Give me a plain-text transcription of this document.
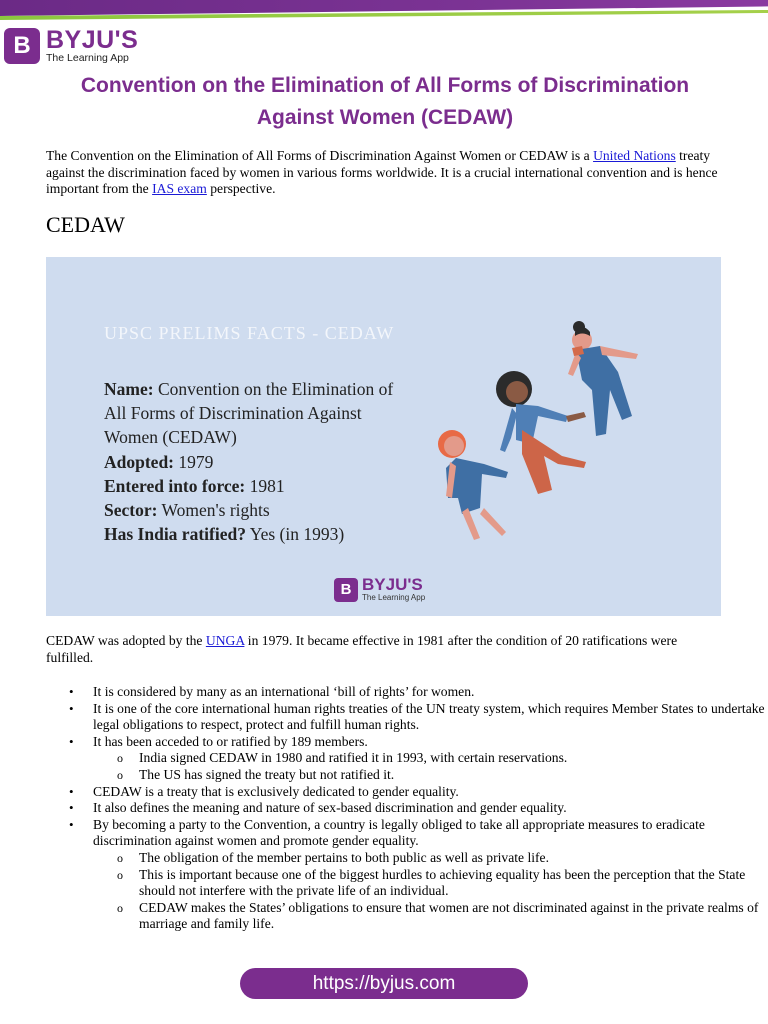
B BYJU'S
The Learning App
Convention on the Elimination of All Forms of Discrimination Against Women (CEDAW)
The Convention on the Elimination of All Forms of Discrimination Against Women or CEDAW is a United Nations treaty against the discrimination faced by women in various forms worldwide. It is a crucial international convention and is hence important from the IAS exam perspective.
CEDAW
UPSC PRELIMS FACTS - CEDAW
Name: Convention on the Elimination of All Forms of Discrimination Against Women (CEDAW)
Adopted: 1979
Entered into force: 1981
Sector: Women's rights
Has India ratified? Yes (in 1993)
B BYJU'S
The Learning App
CEDAW was adopted by the UNGA in 1979. It became effective in 1981 after the condition of 20 ratifications were fulfilled.
• It is considered by many as an international ‘bill of rights’ for women.
• It is one of the core international human rights treaties of the UN treaty system, which requires Member States to undertake legal obligations to respect, protect and fulfill human rights.
• It has been acceded to or ratified by 189 members.
o India signed CEDAW in 1980 and ratified it in 1993, with certain reservations.
o The US has signed the treaty but not ratified it.
• CEDAW is a treaty that is exclusively dedicated to gender equality.
• It also defines the meaning and nature of sex-based discrimination and gender equality.
• By becoming a party to the Convention, a country is legally obliged to take all appropriate measures to eradicate discrimination against women and promote gender equality.
o The obligation of the member pertains to both public as well as private life.
o This is important because one of the biggest hurdles to achieving equality has been the perception that the State should not interfere with the private life of an individual.
o CEDAW makes the States’ obligations to ensure that women are not discriminated against in the private realms of marriage and family life.
https://byjus.com
